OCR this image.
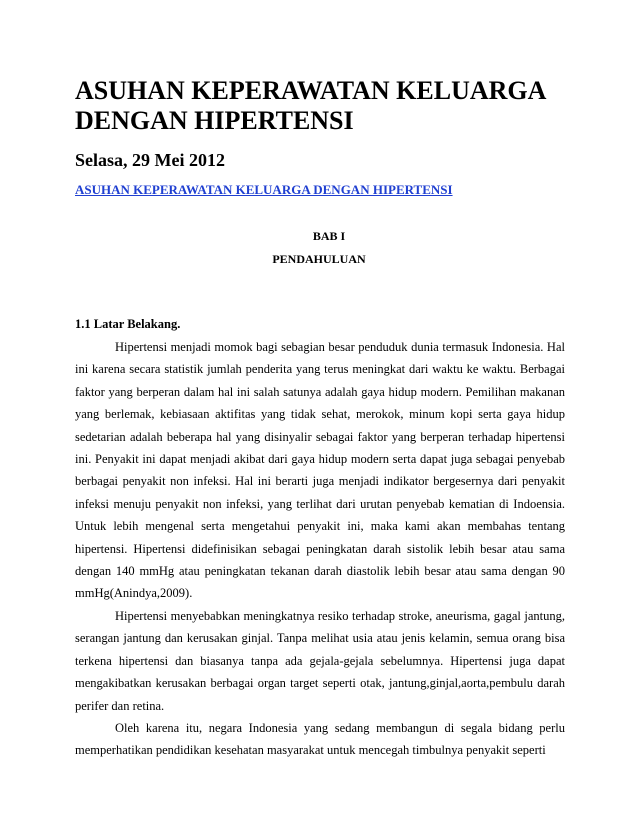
ASUHAN KEPERAWATAN KELUARGA DENGAN HIPERTENSI
Selasa, 29 Mei 2012
ASUHAN KEPERAWATAN KELUARGA DENGAN HIPERTENSI
BAB I
PENDAHULUAN
1.1 Latar Belakang.

Hipertensi menjadi momok bagi sebagian besar penduduk dunia termasuk Indonesia. Hal ini karena secara statistik jumlah penderita yang terus meningkat dari waktu ke waktu. Berbagai faktor yang berperan dalam hal ini salah satunya adalah gaya hidup modern. Pemilihan makanan yang berlemak, kebiasaan aktifitas yang tidak sehat, merokok, minum kopi serta gaya hidup sedetarian adalah beberapa hal yang disinyalir sebagai faktor yang berperan terhadap hipertensi ini. Penyakit ini dapat menjadi akibat dari gaya hidup modern serta dapat juga sebagai penyebab berbagai penyakit non infeksi. Hal ini berarti juga menjadi indikator bergesernya dari penyakit infeksi menuju penyakit non infeksi, yang terlihat dari urutan penyebab kematian di Indoensia. Untuk lebih mengenal serta mengetahui penyakit ini, maka kami akan membahas tentang hipertensi. Hipertensi didefinisikan sebagai peningkatan darah sistolik lebih besar atau sama dengan 140 mmHg atau peningkatan tekanan darah diastolik lebih besar atau sama dengan 90 mmHg(Anindya,2009).

Hipertensi menyebabkan meningkatnya resiko terhadap stroke, aneurisma, gagal jantung, serangan jantung dan kerusakan ginjal. Tanpa melihat usia atau jenis kelamin, semua orang bisa terkena hipertensi dan biasanya tanpa ada gejala-gejala sebelumnya. Hipertensi juga dapat mengakibatkan kerusakan berbagai organ target seperti otak, jantung,ginjal,aorta,pembulu darah perifer dan retina.

Oleh karena itu, negara Indonesia yang sedang membangun di segala bidang perlu memperhatikan pendidikan kesehatan masyarakat untuk mencegah timbulnya penyakit seperti
